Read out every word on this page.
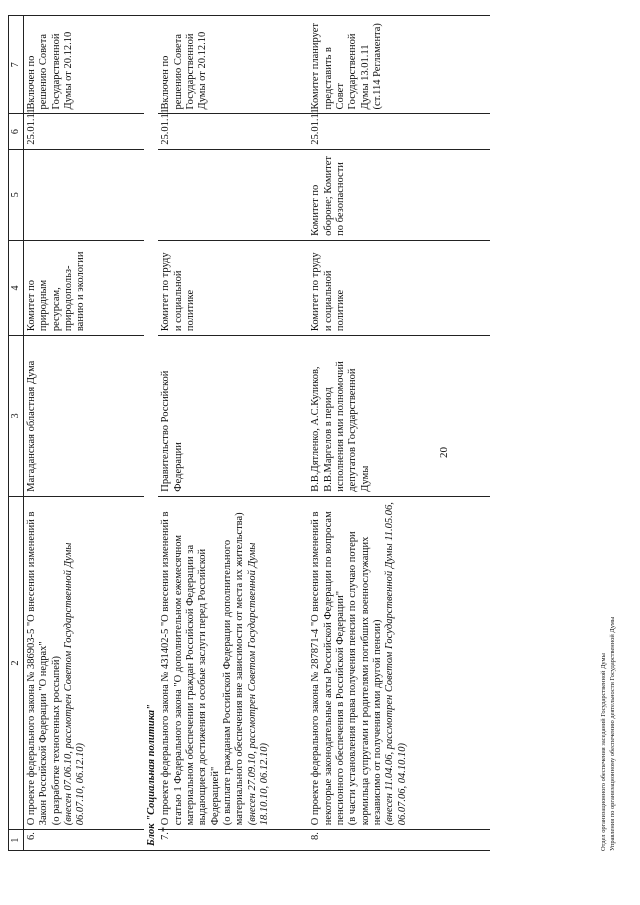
20
1	2	3	4	5	6	7
6.	О проекте федерального закона № 386903-5 "О внесении изменений в Закон Российской Федерации "О недрах" (о разработке техногенных россыпей) (внесен 07.06.10, рассмотрен Советом Государственной Думы 06.07.10, 06.12.10)	Магаданская областная Дума	Комитет по природным ресурсам, природопольз-ванию и экологии		25.01.11	Включен по решению Совета Государственной Думы от 20.12.10
Блок "Социальная политика"						
7.*	О проекте федерального закона № 431402-5 "О внесении изменений в статью 1 Федерального закона "О дополнительном ежемесячном материальном обеспечении граждан Российской Федерации за выдающиеся достижения и особые заслуги перед Российской Федерацией" (о выплате гражданам Российской Федерации дополнительного материального обеспечения вне зависимости от места их жительства) (внесен 27.09.10, рассмотрен Советом Государственной Думы 18.10.10, 06.12.10)	Правительство Российской Федерации	Комитет по труду и социальной политике		25.01.11	Включен по решению Совета Государственной Думы от 20.12.10
8.	О проекте федерального закона № 287871-4 "О внесении изменений в некоторые законодательные акты Российской Федерации по вопросам пенсионного обеспечения в Российской Федерации" (в части установления права получения пенсии по случаю потери кормильца супругами и родителями погибших военнослужащих независимо от получения ими другой пенсии) (внесен 11.04.06, рассмотрен Советом Государственной Думы 11.05.06, 06.07.06, 04.10.10)	В.В.Дятленко, А.С.Куликов, В.В.Маргелов в период исполнения ими полномочий депутатов Государственной Думы	Комитет по труду и социальной политике	Комитет по обороне; Комитет по безопасности	25.01.11	Комитет планирует представить в Совет Государственной Думы 13.01.11 (ст.114 Регламента)
Отдел организационного обеспечения заседаний Государственной Думы Управления по организационному обеспечению деятельности Государственной Думы
